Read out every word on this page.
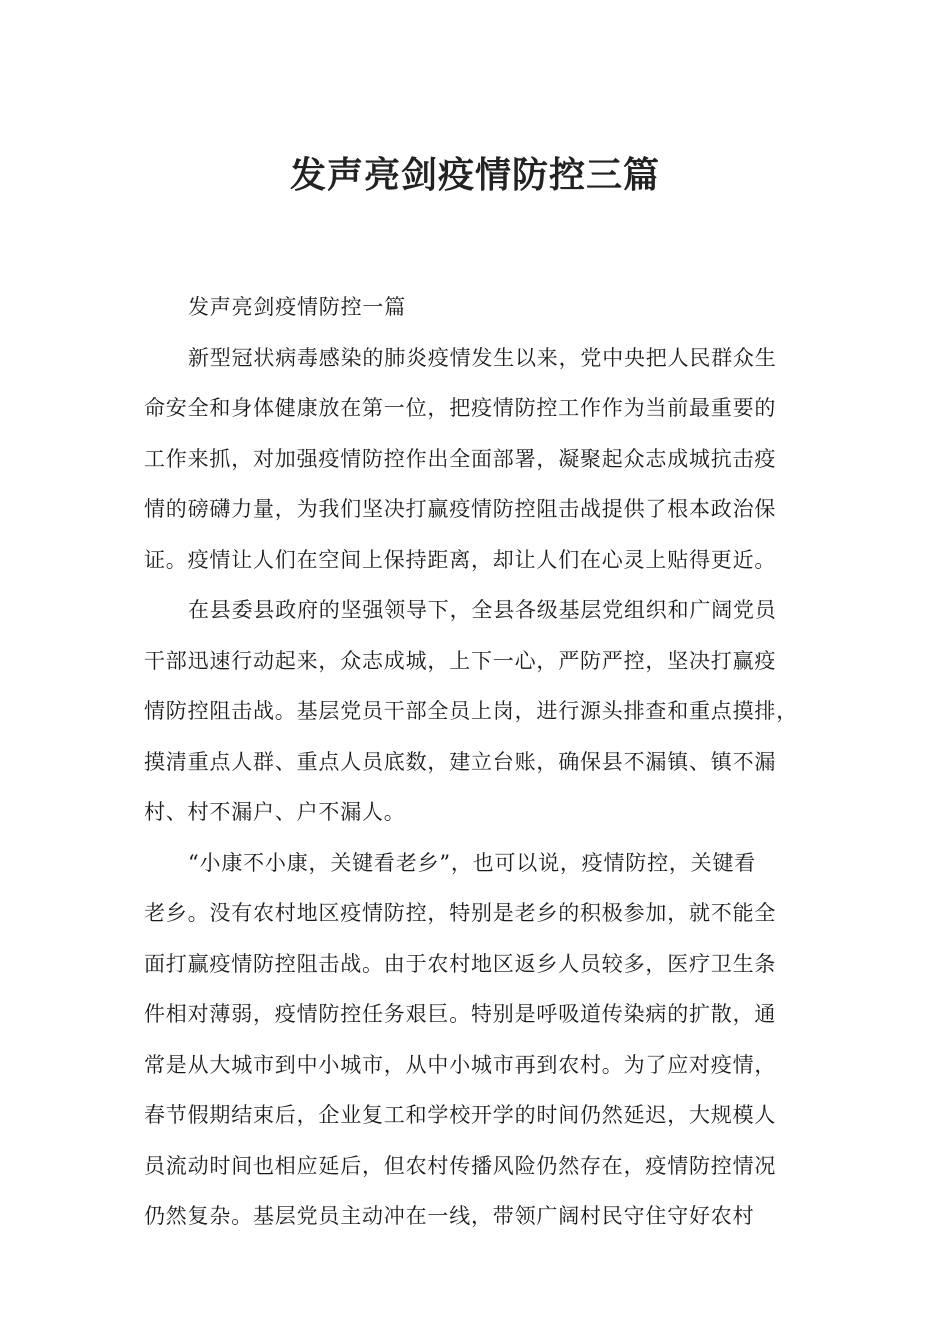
发声亮剑疫情防控三篇

发声亮剑疫情防控一篇

新型冠状病毒感染的肺炎疫情发生以来，党中央把人民群众生

命安全和身体健康放在第一位，把疫情防控工作作为当前最重要的

工作来抓，对加强疫情防控作出全面部署，凝聚起众志成城抗击疫

情的磅礴力量，为我们坚决打赢疫情防控阻击战提供了根本政治保

证。疫情让人们在空间上保持距离，却让人们在心灵上贴得更近。

在县委县政府的坚强领导下，全县各级基层党组织和广阔党员

干部迅速行动起来，众志成城，上下一心，严防严控，坚决打赢疫

情防控阻击战。基层党员干部全员上岗，进行源头排查和重点摸排，

摸清重点人群、重点人员底数，建立台账，确保县不漏镇、镇不漏

村、村不漏户、户不漏人。

“小康不小康，关键看老乡”，也可以说，疫情防控，关键看

老乡。没有农村地区疫情防控，特别是老乡的积极参加，就不能全

面打赢疫情防控阻击战。由于农村地区返乡人员较多，医疗卫生条

件相对薄弱，疫情防控任务艰巨。特别是呼吸道传染病的扩散，通

常是从大城市到中小城市，从中小城市再到农村。为了应对疫情，

春节假期结束后，企业复工和学校开学的时间仍然延迟，大规模人

员流动时间也相应延后，但农村传播风险仍然存在，疫情防控情况

仍然复杂。基层党员主动冲在一线，带领广阔村民守住守好农村
